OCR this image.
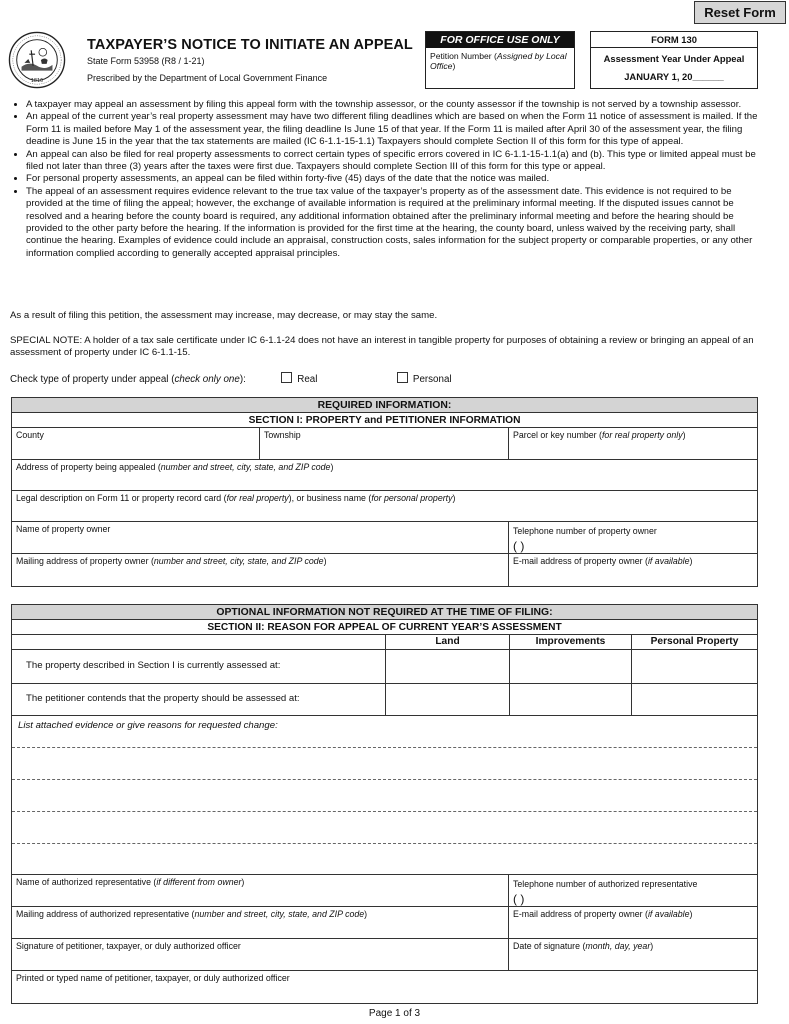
Reset Form
1816
TAXPAYER’S NOTICE TO INITIATE AN APPEAL
State Form 53958 (R8 / 1-21)
Prescribed by the Department of Local Government Finance
FOR OFFICE USE ONLY
Petition Number (Assigned by Local Office)
FORM 130
Assessment Year Under Appeal
JANUARY 1, 20______
• A taxpayer may appeal an assessment by filing this appeal form with the township assessor, or the county assessor if the township is not served by a township assessor.
• An appeal of the current year’s real property assessment may have two different filing deadlines which are based on when the Form 11 notice of assessment is mailed. If the Form 11 is mailed before May 1 of the assessment year, the filing deadline Is June 15 of that year. If the Form 11 is mailed after April 30 of the assessment year, the filing deadine is June 15 in the year that the tax statements are mailed (IC 6-1.1-15-1.1) Taxpayers should complete Section II of this form for this type of appeal.
• An appeal can also be filed for real property assessments to correct certain types of specific errors covered in IC 6-1.1-15-1.1(a) and (b). This type or limited appeal must be filed not later than three (3) years after the taxes were first due. Taxpayers should complete Section III of this form for this type or appeal.
• For personal property assessments, an appeal can be filed within forty-five (45) days of the date that the notice was mailed.
• The appeal of an assessment requires evidence relevant to the true tax value of the taxpayer’s property as of the assessment date. This evidence is not required to be provided at the time of filing the appeal; however, the exchange of available information is required at the preliminary informal meeting. If the disputed issues cannot be resolved and a hearing before the county board is required, any additional information obtained after the preliminary informal meeting and before the hearing should be provided to the other party before the hearing. If the information is provided for the first time at the hearing, the county board, unless waived by the receiving party, shall continue the hearing. Examples of evidence could include an appraisal, construction costs, sales information for the subject property or comparable properties, or any other information complied according to generally accepted appraisal principles.
As a result of filing this petition, the assessment may increase, may decrease, or may stay the same.
SPECIAL NOTE: A holder of a tax sale certificate under IC 6-1.1-24 does not have an interest in tangible property for purposes of obtaining a review or bringing an appeal of an assessment of property under IC 6-1.1-15.
Check type of property under appeal (check only one):	Real	Personal
REQUIRED INFORMATION:
SECTION I: PROPERTY and PETITIONER INFORMATION
County	Township	Parcel or key number (for real property only)
Address of property being appealed (number and street, city, state, and ZIP code)
Legal description on Form 11 or property record card (for real property), or business name (for personal property)
Name of property owner	Telephone number of property owner
( )
Mailing address of property owner (number and street, city, state, and ZIP code)	E-mail address of property owner (if available)
OPTIONAL INFORMATION NOT REQUIRED AT THE TIME OF FILING:
SECTION II: REASON FOR APPEAL OF CURRENT YEAR’S ASSESSMENT
Land	Improvements	Personal Property
The property described in Section I is currently assessed at:
The petitioner contends that the property should be assessed at:
List attached evidence or give reasons for requested change:
Name of authorized representative (if different from owner)	Telephone number of authorized representative
( )
Mailing address of authorized representative (number and street, city, state, and ZIP code)	E-mail address of property owner (if available)
Signature of petitioner, taxpayer, or duly authorized officer	Date of signature (month, day, year)
Printed or typed name of petitioner, taxpayer, or duly authorized officer
Page 1 of 3
